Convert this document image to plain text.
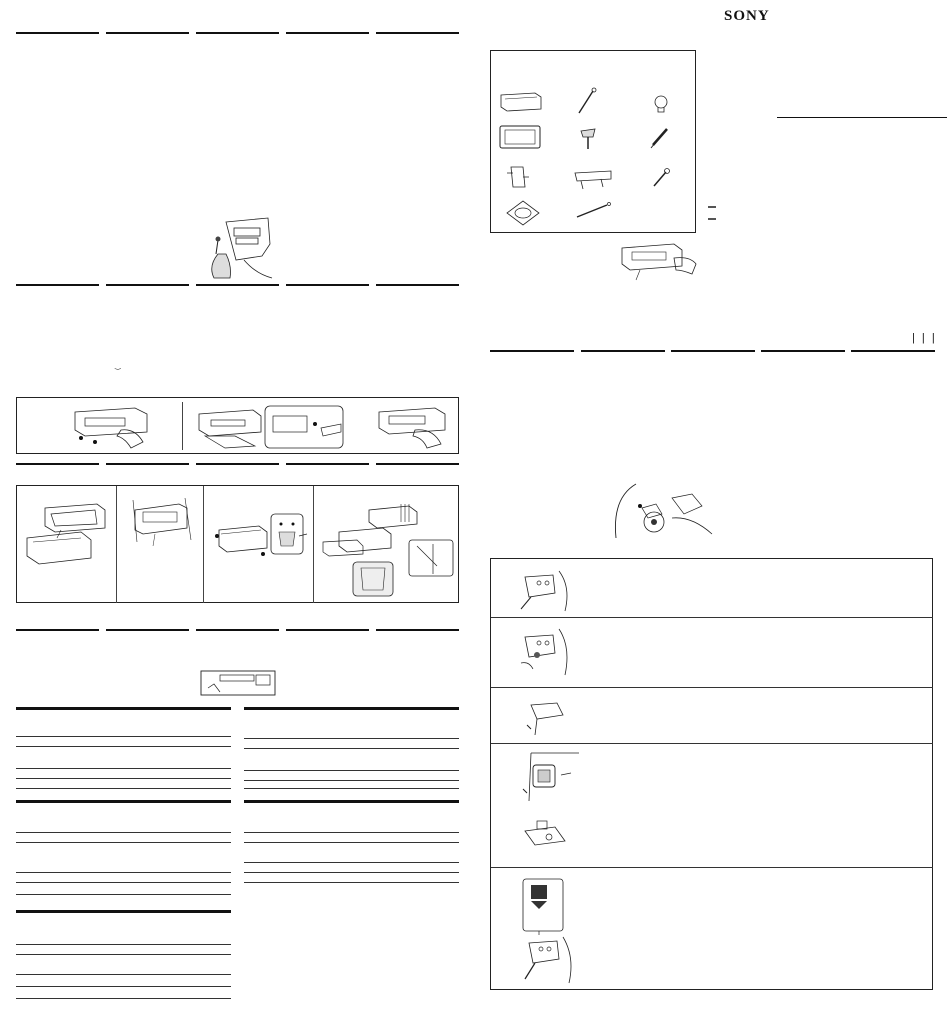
SONY
‿
| | |
